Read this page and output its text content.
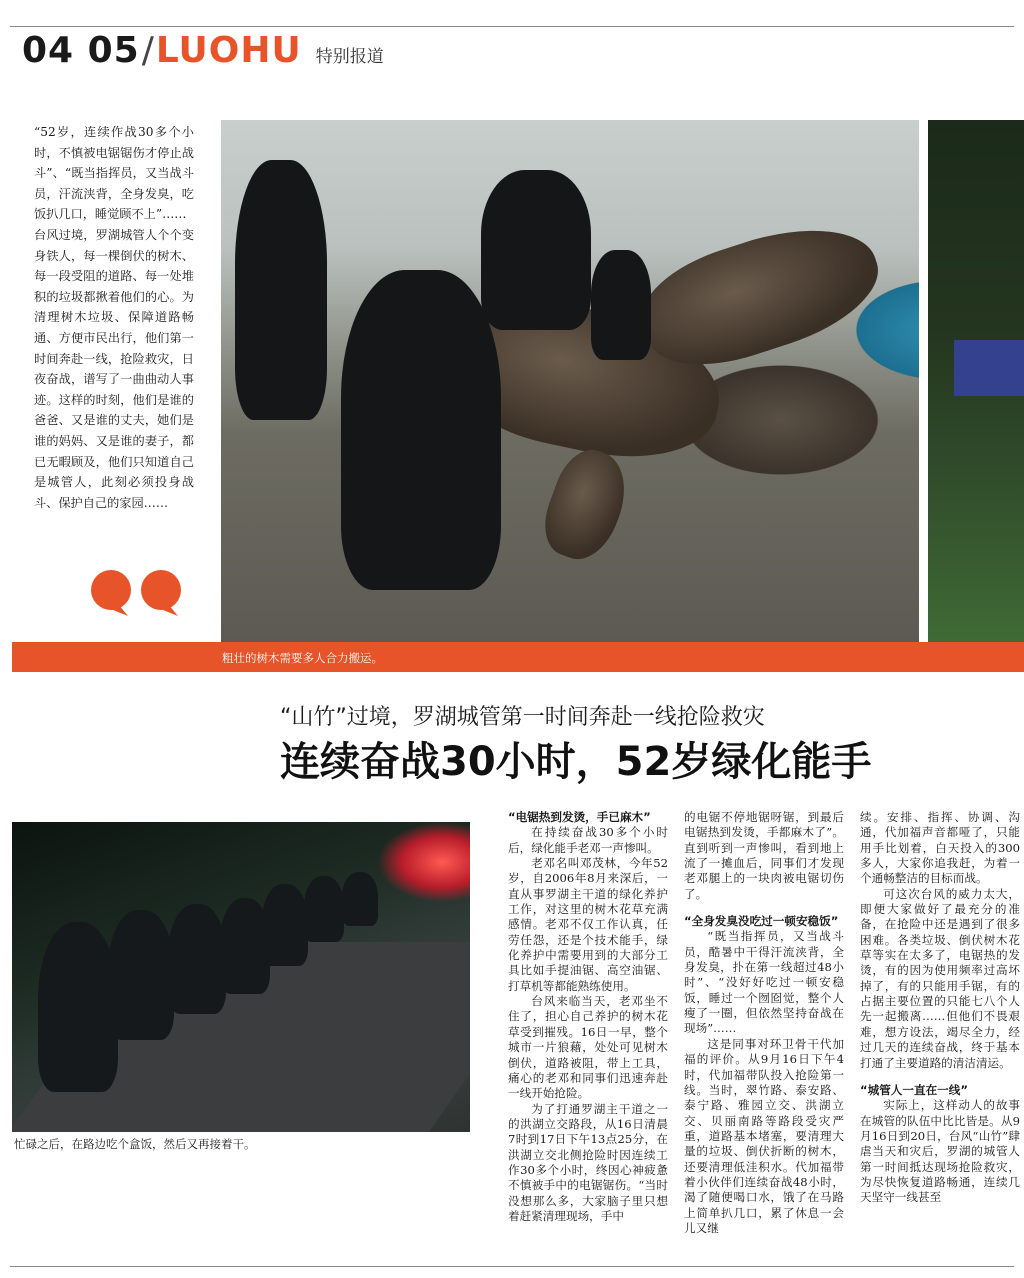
04 05 / LUOHU 特别报道

“52岁，连续作战30多个小时，不慎被电锯锯伤才停止战斗”、“既当指挥员，又当战斗员，汗流浃背，全身发臭，吃饭扒几口，睡觉顾不上”……

台风过境，罗湖城管人个个变身铁人，每一棵倒伏的树木、每一段受阻的道路、每一处堆积的垃圾都揪着他们的心。为清理树木垃圾、保障道路畅通、方便市民出行，他们第一时间奔赴一线，抢险救灾，日夜奋战，谱写了一曲曲动人事迹。这样的时刻，他们是谁的爸爸、又是谁的丈夫，她们是谁的妈妈、又是谁的妻子，都已无暇顾及，他们只知道自己是城管人，此刻必须投身战斗、保护自己的家园……

粗壮的树木需要多人合力搬运。
“山竹”过境，罗湖城管第一时间奔赴一线抢险救灾
连续奋战30小时，52岁绿化能手
忙碌之后，在路边吃个盒饭，然后又再接着干。
“电锯热到发烫，手已麻木”

在持续奋战30多个小时后，绿化能手老邓一声惨叫。

老邓名叫邓茂林，今年52岁，自2006年8月来深后，一直从事罗湖主干道的绿化养护工作，对这里的树木花草充满感情。老邓不仅工作认真，任劳任怨，还是个技术能手，绿化养护中需要用到的大部分工具比如手提油锯、高空油锯、打草机等都能熟练使用。

台风来临当天，老邓坐不住了，担心自己养护的树木花草受到摧残。16日一早，整个城市一片狼藉，处处可见树木倒伏，道路被阻，带上工具，痛心的老邓和同事们迅速奔赴一线开始抢险。

为了打通罗湖主干道之一的洪湖立交路段，从16日清晨7时到17日下午13点25分，在洪湖立交北侧抢险时因连续工作30多个小时，终因心神疲惫不慎被手中的电锯锯伤。“当时没想那么多，大家脑子里只想着赶紧清理现场，手中

的电锯不停地锯呀锯，到最后电锯热到发烫，手都麻木了”。直到听到一声惨叫，看到地上流了一摊血后，同事们才发现老邓腿上的一块肉被电锯切伤了。

“全身发臭没吃过一顿安稳饭”

“既当指挥员，又当战斗员，酷暑中干得汗流浃背，全身发臭，扑在第一线超过48小时”、“没好好吃过一顿安稳饭，睡过一个囫囵觉，整个人瘦了一圈，但依然坚持奋战在现场”……

这是同事对环卫骨干代加福的评价。从9月16日下午4时，代加福带队投入抢险第一线。当时，翠竹路、泰安路、泰宁路、雅园立交、洪湖立交、贝丽南路等路段受灾严重，道路基本堵塞，要清理大量的垃圾、倒伏折断的树木，还要清理低洼积水。代加福带着小伙伴们连续奋战48小时，渴了随便喝口水，饿了在马路上简单扒几口，累了休息一会儿又继

续。安排、指挥、协调、沟通，代加福声音都哑了，只能用手比划着，白天投入的300多人，大家你追我赶，为着一个通畅整洁的目标而战。

可这次台风的威力太大，即便大家做好了最充分的准备，在抢险中还是遇到了很多困难。各类垃圾、倒伏树木花草等实在太多了，电锯热的发烫，有的因为使用频率过高坏掉了，有的只能用手锯，有的占据主要位置的只能七八个人先一起搬离……但他们不畏艰难，想方设法，竭尽全力，经过几天的连续奋战，终于基本打通了主要道路的清洁清运。

“城管人一直在一线”

实际上，这样动人的故事在城管的队伍中比比皆是。从9月16日到20日，台风“山竹”肆虐当天和灾后，罗湖的城管人第一时间抵达现场抢险救灾，为尽快恢复道路畅通，连续几天坚守一线甚至
